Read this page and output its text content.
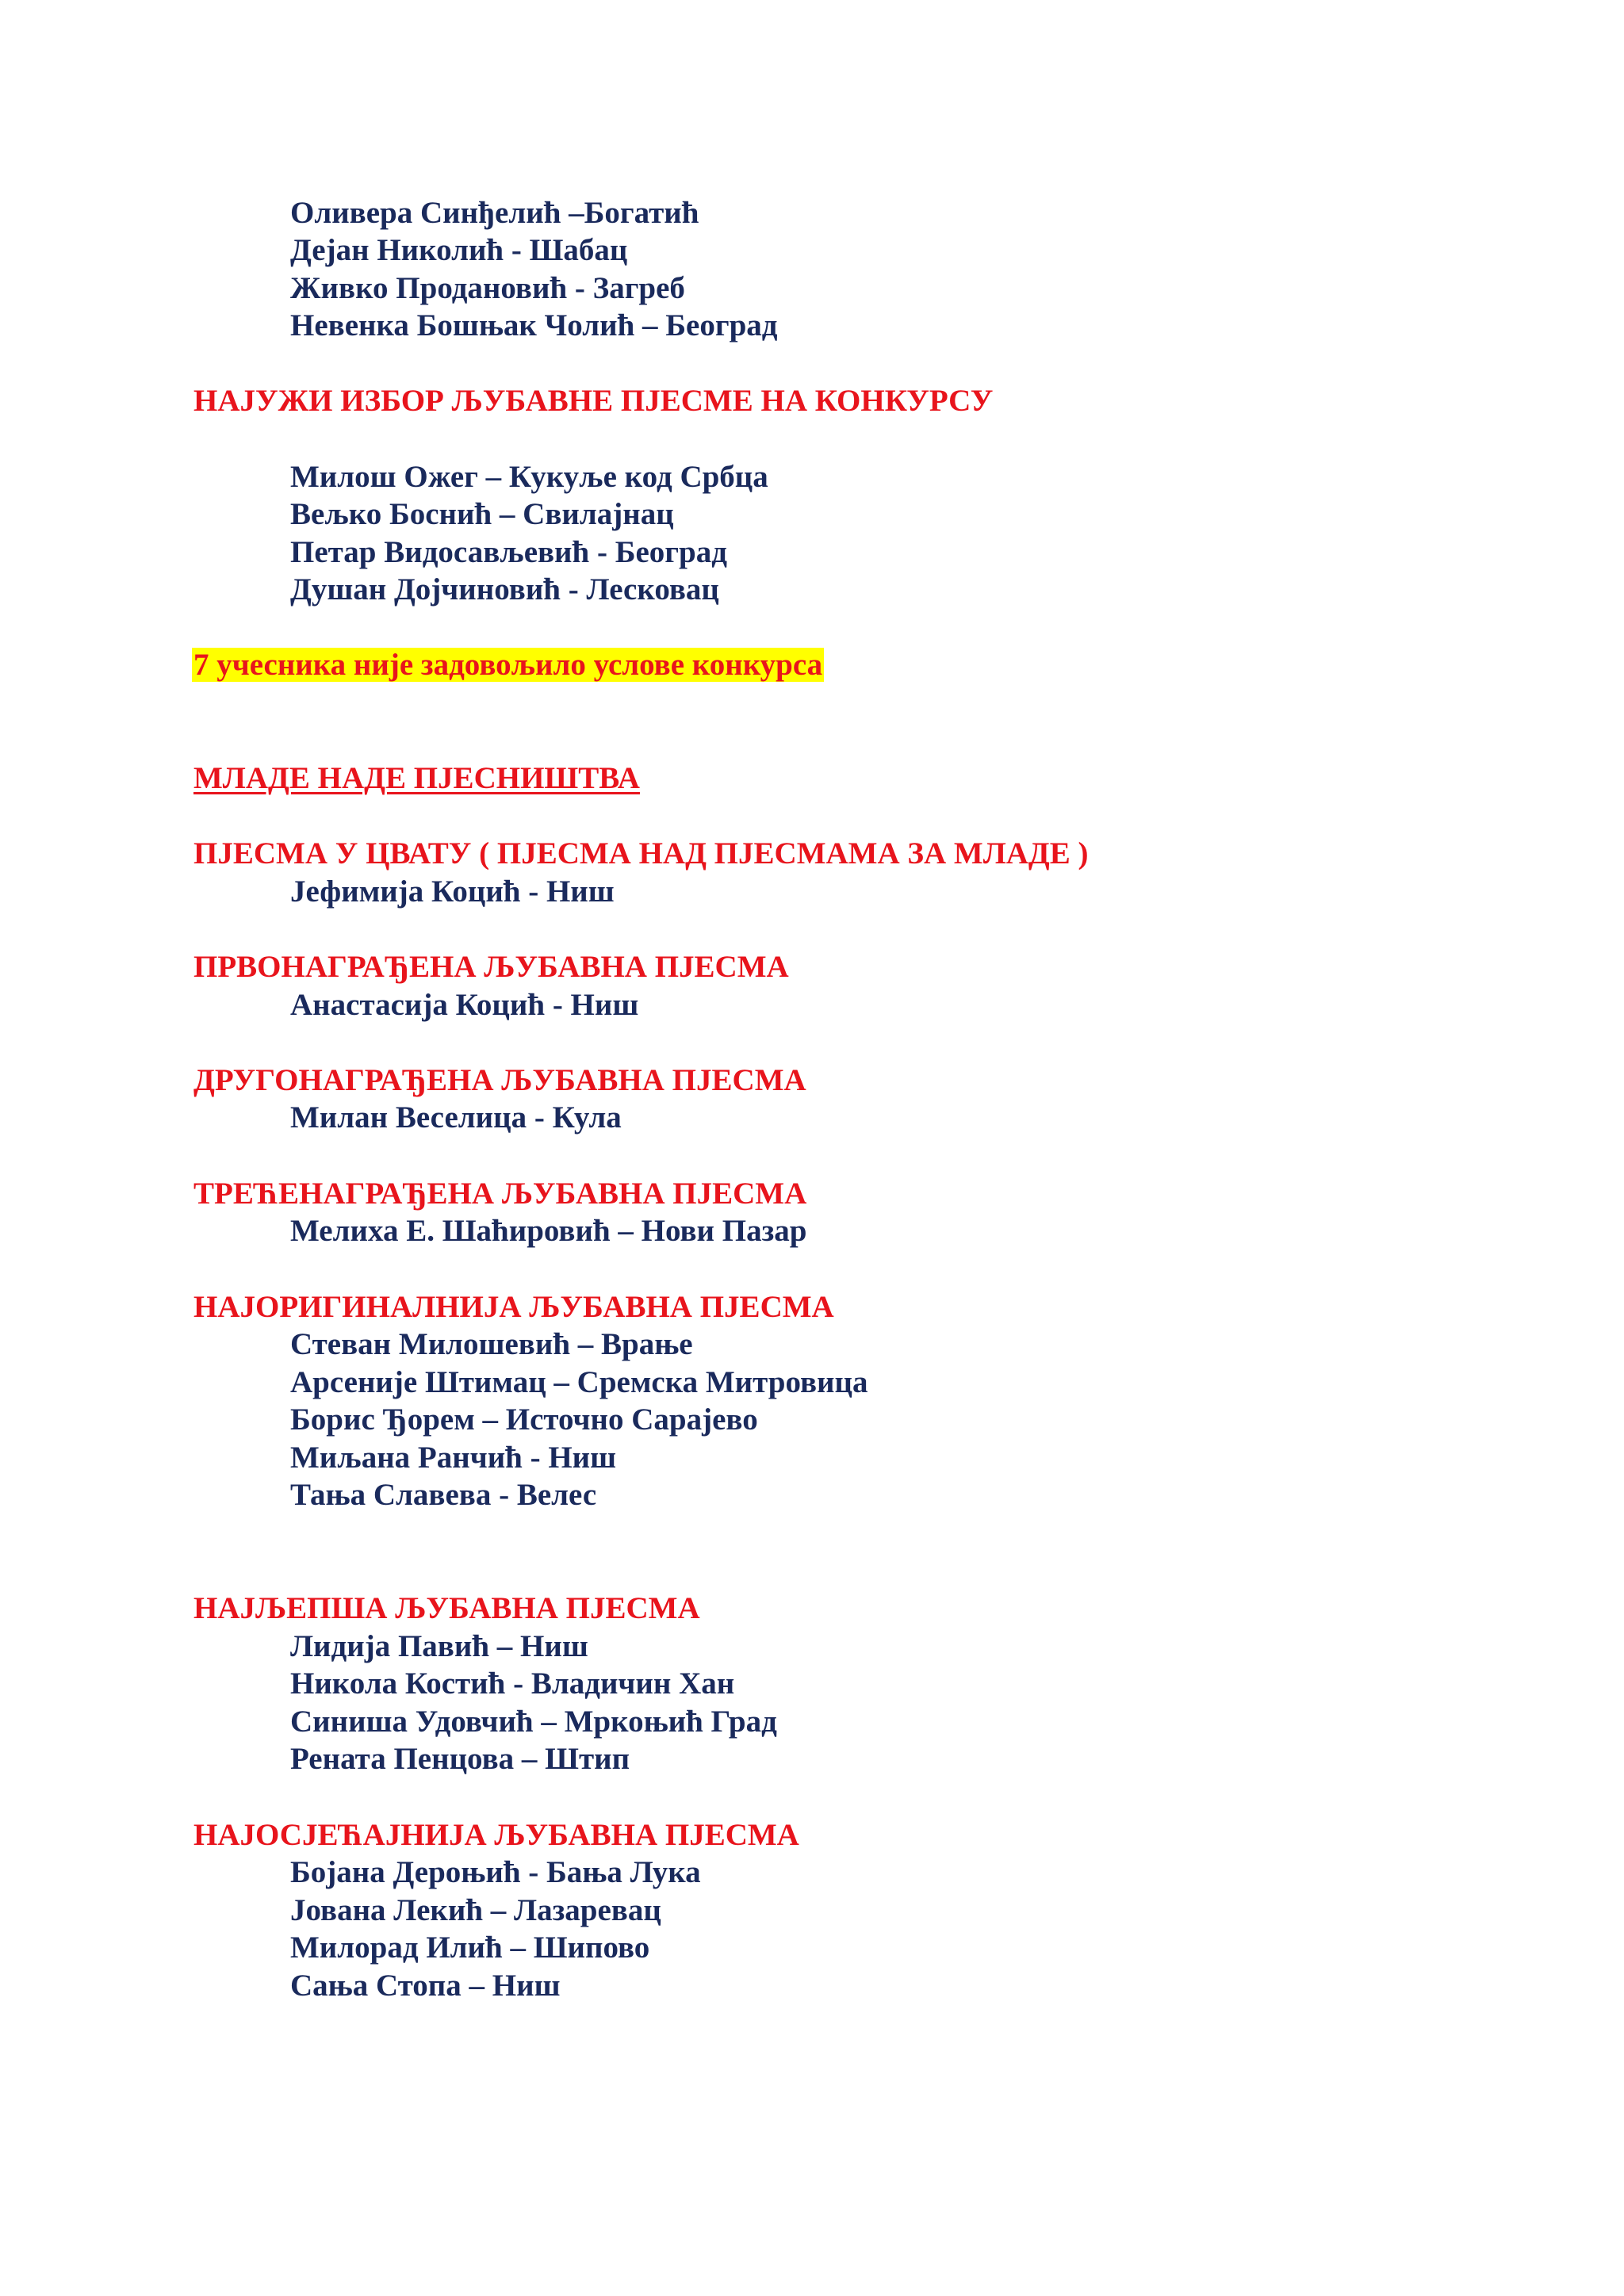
Оливера Синђелић –Богатић
Дејан Николић - Шабац
Живко Продановић - Загреб
Невенка Бошњак Чолић – Београд
НАЈУЖИ ИЗБОР ЉУБАВНЕ ПЈЕСМЕ НА КОНКУРСУ
Милош Ожег – Кукуље код Србца
Вељко Боснић – Свилајнац
Петар Видосављевић - Београд
Душан Дојчиновић - Лесковац
7 учесника није задовољило услове конкурса
МЛАДЕ НАДЕ ПЈЕСНИШТВА
ПЈЕСМА У ЦВАТУ ( ПЈЕСМА НАД ПЈЕСМАМА ЗА МЛАДЕ )
Јефимија Коцић - Ниш
ПРВОНАГРАЂЕНА ЉУБАВНА ПЈЕСМА
Анастасија Коцић - Ниш
ДРУГОНАГРАЂЕНА ЉУБАВНА ПЈЕСМА
Милан Веселица - Кула
ТРЕЋЕНАГРАЂЕНА ЉУБАВНА ПЈЕСМА
Мелиха Е. Шаћировић – Нови Пазар
НАЈОРИГИНАЛНИЈА ЉУБАВНА ПЈЕСМА
Стеван Милошевић – Врање
Арсеније Штимац – Сремска Митровица
Борис Ђорем – Источно Сарајево
Миљана Ранчић - Ниш
Тања Славева - Велес
НАЈЉЕПША ЉУБАВНА ПЈЕСМА
Лидија Павић – Ниш
Никола Костић - Владичин Хан
Синиша Удовчић – Мркоњић Град
Рената Пенцова – Штип
НАЈОСЈЕЋАЈНИЈА ЉУБАВНА ПЈЕСМА
Бојана Дероњић - Бања Лука
Јована Лекић – Лазаревац
Милорад Илић – Шипово
Сања Стопа – Ниш
